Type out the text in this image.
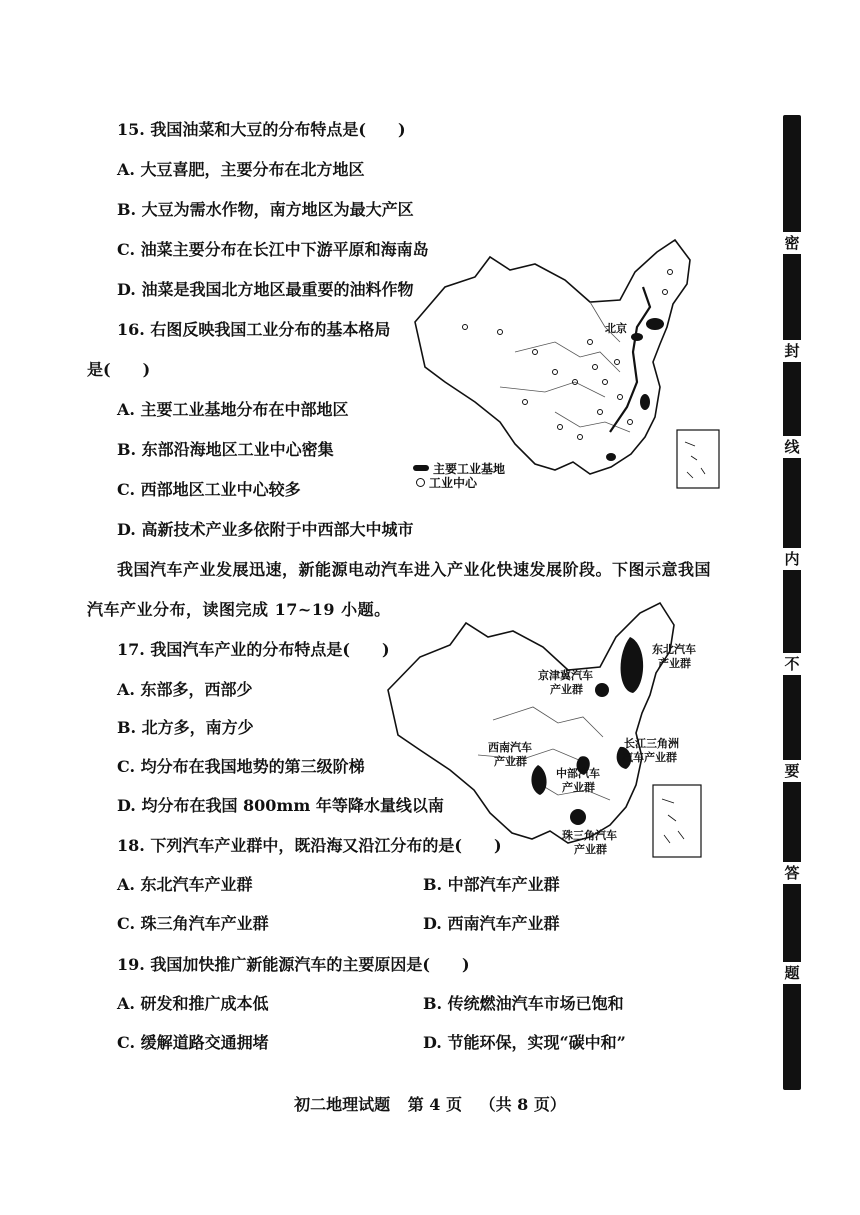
15. 我国油菜和大豆的分布特点是(　　)
A. 大豆喜肥，主要分布在北方地区
B. 大豆为需水作物，南方地区为最大产区
C. 油菜主要分布在长江中下游平原和海南岛
D. 油菜是我国北方地区最重要的油料作物
16. 右图反映我国工业分布的基本格局
是(　　)
A. 主要工业基地分布在中部地区
B. 东部沿海地区工业中心密集
C. 西部地区工业中心较多
D. 高新技术产业多依附于中西部大中城市
北京
主要工业基地
工业中心
我国汽车产业发展迅速，新能源电动汽车进入产业化快速发展阶段。下图示意我国
汽车产业分布，读图完成 17~19 小题。
17. 我国汽车产业的分布特点是(　　)
A. 东部多，西部少
B. 北方多，南方少
C. 均分布在我国地势的第三级阶梯
D. 均分布在我国 800mm 年等降水量线以南
东北汽车
产业群
京津冀汽车
产业群
西南汽车
产业群
中部汽车
产业群
长江三角洲
汽车产业群
珠三角汽车
产业群
18. 下列汽车产业群中，既沿海又沿江分布的是(　　)
A. 东北汽车产业群	B. 中部汽车产业群
C. 珠三角汽车产业群	D. 西南汽车产业群
19. 我国加快推广新能源汽车的主要原因是(　　)
A. 研发和推广成本低	B. 传统燃油汽车市场已饱和
C. 缓解道路交通拥堵	D. 节能环保，实现“碳中和”
密
封
线
内
不
要
答
题
初二地理试题 第 4 页 （共 8 页）
